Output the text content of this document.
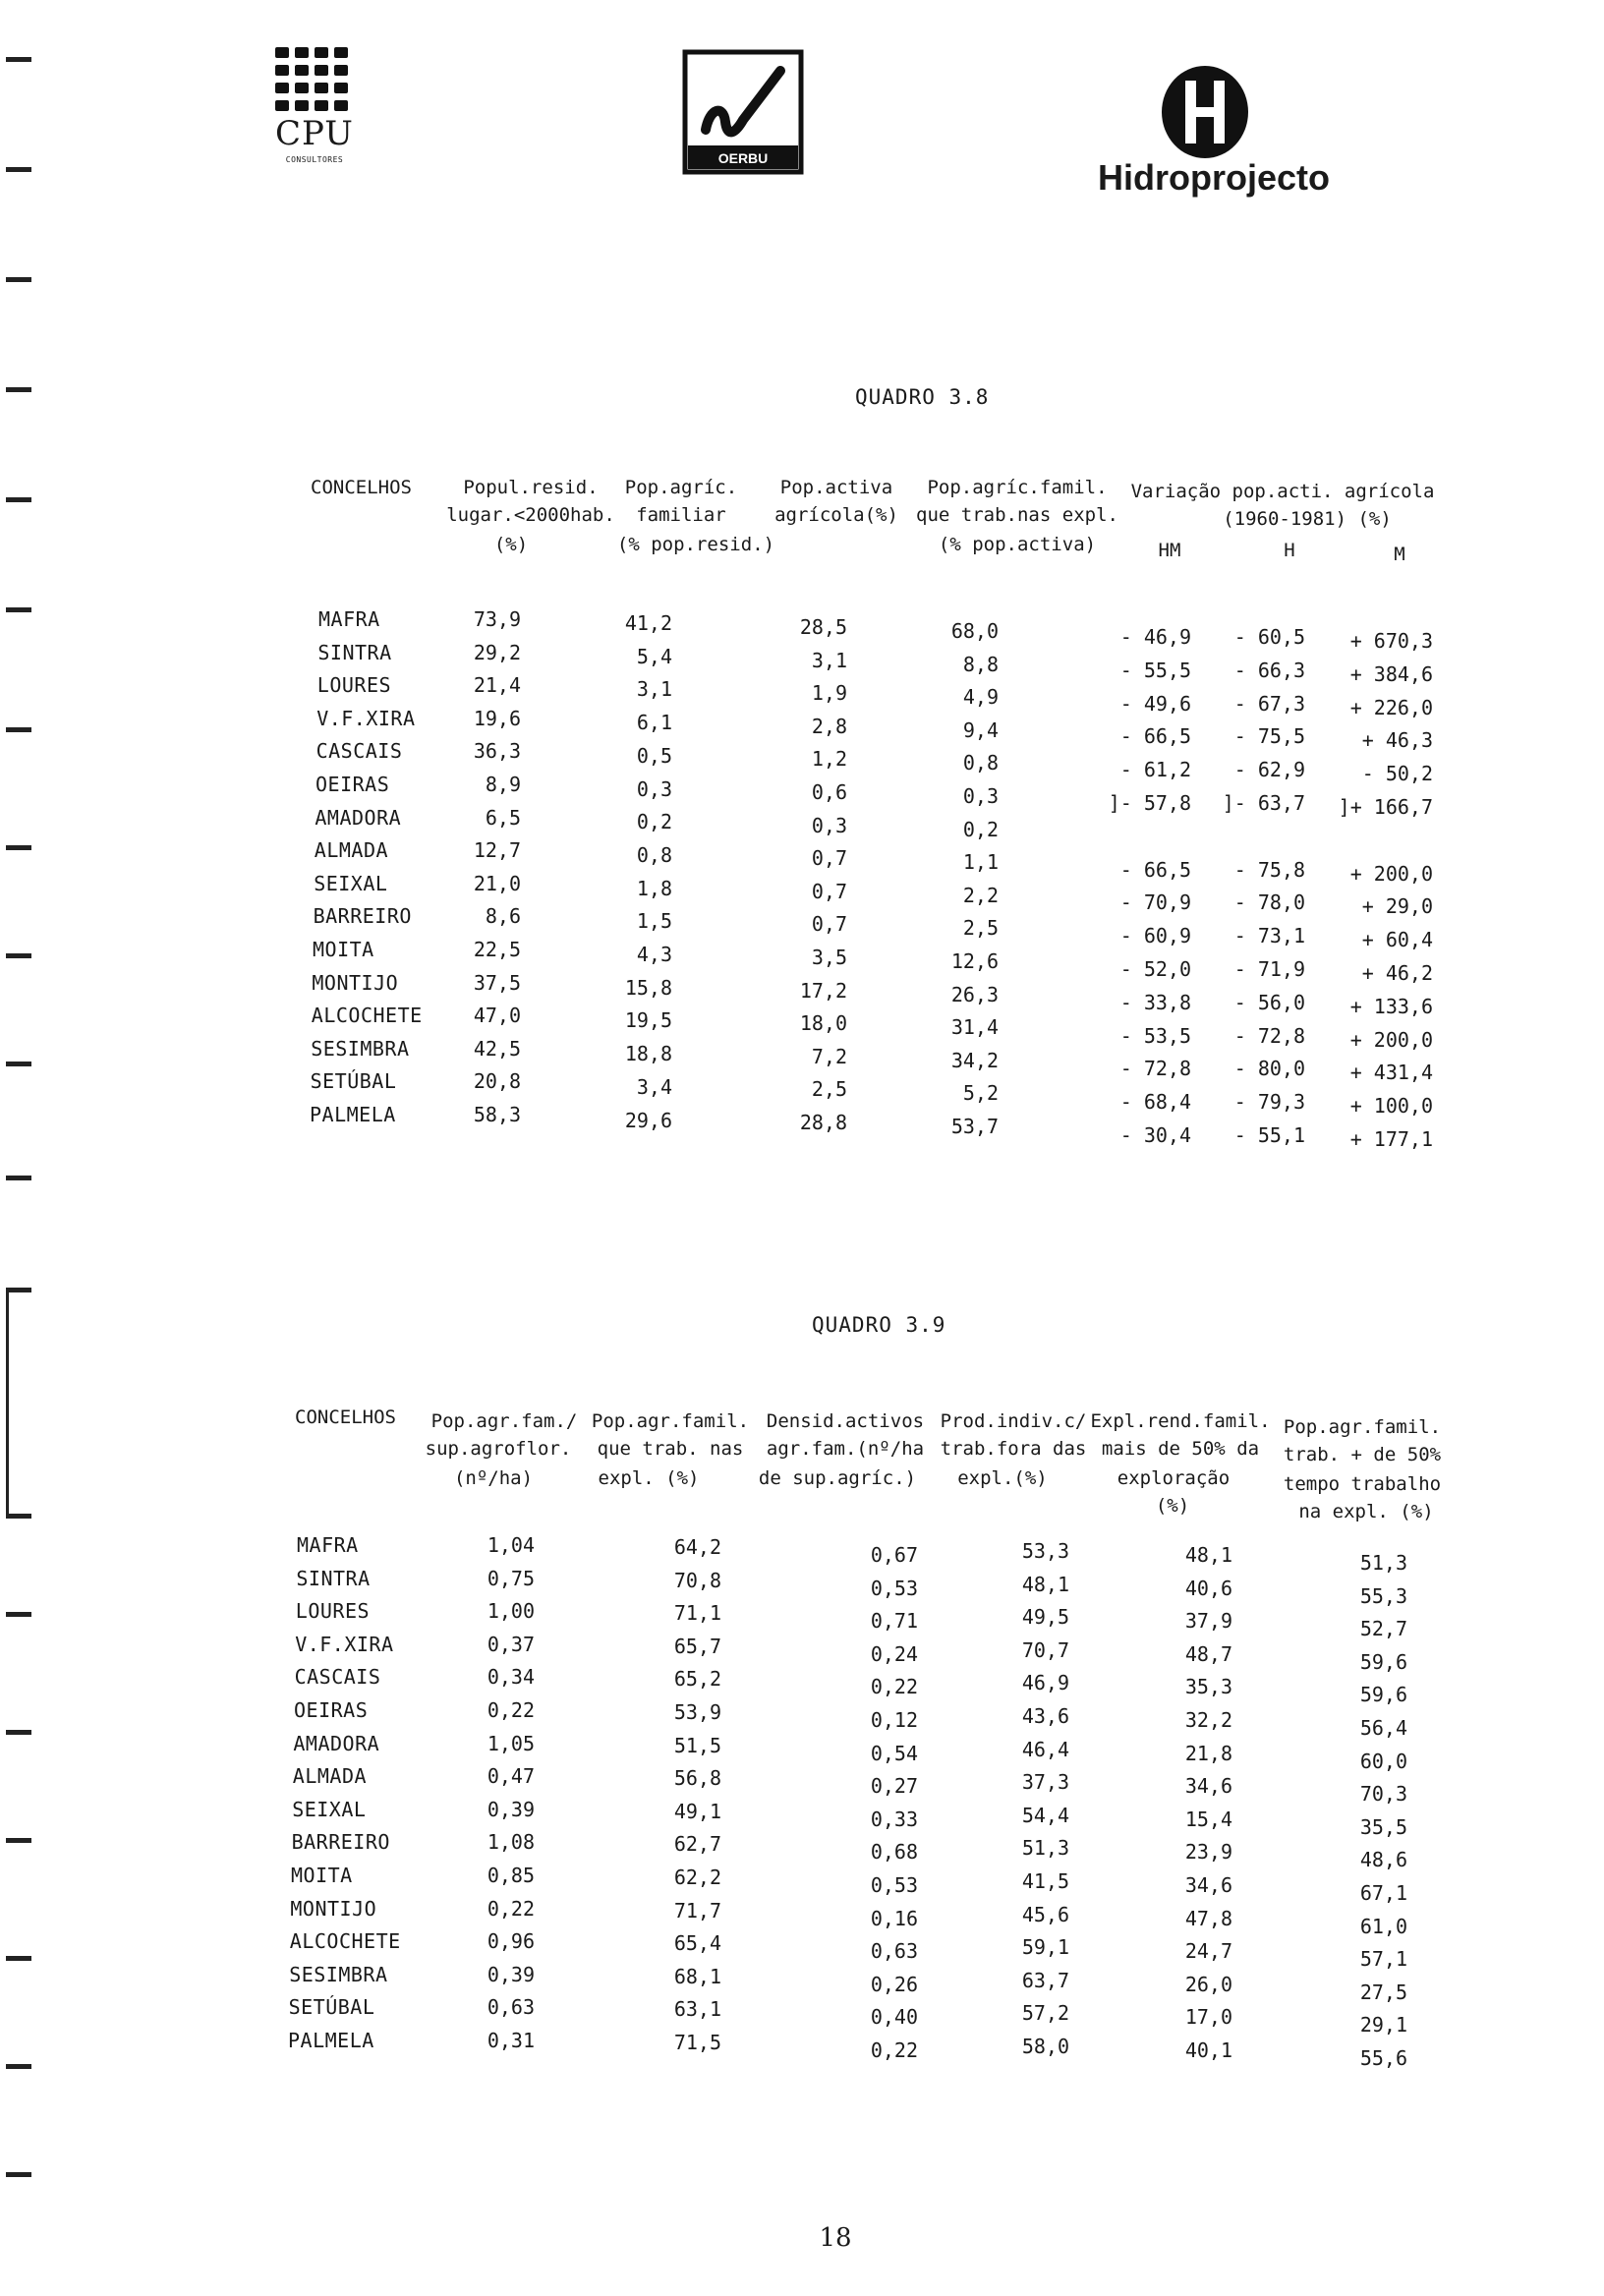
CPU
CONSULTORES	OERBU	Hidroprojecto
QUADRO 3.8
CONCELHOS	Popul.resid.
lugar.<2000hab.
(%)
Pop.agríc.
familiar
(% pop.resid.)
Pop.activa
agrícola(%)
Pop.agríc.famil.
que trab.nas expl.
(% pop.activa)
Variação pop.acti. agrícola
(1960-1981) (%)
HM	H	M
MAFRA	73,9	41,2	28,5	68,0	- 46,9	- 60,5	+ 670,3
SINTRA	29,2	5,4	3,1	8,8	- 55,5	- 66,3	+ 384,6
LOURES	21,4	3,1	1,9	4,9	- 49,6	- 67,3	+ 226,0
V.F.XIRA	19,6	6,1	2,8	9,4	- 66,5	- 75,5	+ 46,3
CASCAIS	36,3	0,5	1,2	0,8	- 61,2	- 62,9	- 50,2
OEIRAS	8,9	0,3	0,6	0,3	]- 57,8	]- 63,7	]+ 166,7
AMADORA	6,5	0,2	0,3	0,2
ALMADA	12,7	0,8	0,7	1,1	- 66,5	- 75,8	+ 200,0
SEIXAL	21,0	1,8	0,7	2,2	- 70,9	- 78,0	+ 29,0
BARREIRO	8,6	1,5	0,7	2,5	- 60,9	- 73,1	+ 60,4
MOITA	22,5	4,3	3,5	12,6	- 52,0	- 71,9	+ 46,2
MONTIJO	37,5	15,8	17,2	26,3	- 33,8	- 56,0	+ 133,6
ALCOCHETE	47,0	19,5	18,0	31,4	- 53,5	- 72,8	+ 200,0
SESIMBRA	42,5	18,8	7,2	34,2	- 72,8	- 80,0	+ 431,4
SETÚBAL	20,8	3,4	2,5	5,2	- 68,4	- 79,3	+ 100,0
PALMELA	58,3	29,6	28,8	53,7	- 30,4	- 55,1	+ 177,1
QUADRO 3.9
CONCELHOS	Pop.agr.fam./
sup.agroflor.
(nº/ha)
Pop.agr.famil.
que trab. nas
expl. (%)
Densid.activos
agr.fam.(nº/ha
de sup.agríc.)
Prod.indiv.c/
trab.fora das
expl.(%)
Expl.rend.famil.
mais de 50% da
exploração
(%)
Pop.agr.famil.
trab. + de 50%
tempo trabalho
na expl. (%)
MAFRA	1,04	64,2	0,67	53,3	48,1	51,3
SINTRA	0,75	70,8	0,53	48,1	40,6	55,3
LOURES	1,00	71,1	0,71	49,5	37,9	52,7
V.F.XIRA	0,37	65,7	0,24	70,7	48,7	59,6
CASCAIS	0,34	65,2	0,22	46,9	35,3	59,6
OEIRAS	0,22	53,9	0,12	43,6	32,2	56,4
AMADORA	1,05	51,5	0,54	46,4	21,8	60,0
ALMADA	0,47	56,8	0,27	37,3	34,6	70,3
SEIXAL	0,39	49,1	0,33	54,4	15,4	35,5
BARREIRO	1,08	62,7	0,68	51,3	23,9	48,6
MOITA	0,85	62,2	0,53	41,5	34,6	67,1
MONTIJO	0,22	71,7	0,16	45,6	47,8	61,0
ALCOCHETE	0,96	65,4	0,63	59,1	24,7	57,1
SESIMBRA	0,39	68,1	0,26	63,7	26,0	27,5
SETÚBAL	0,63	63,1	0,40	57,2	17,0	29,1
PALMELA	0,31	71,5	0,22	58,0	40,1	55,6
18
